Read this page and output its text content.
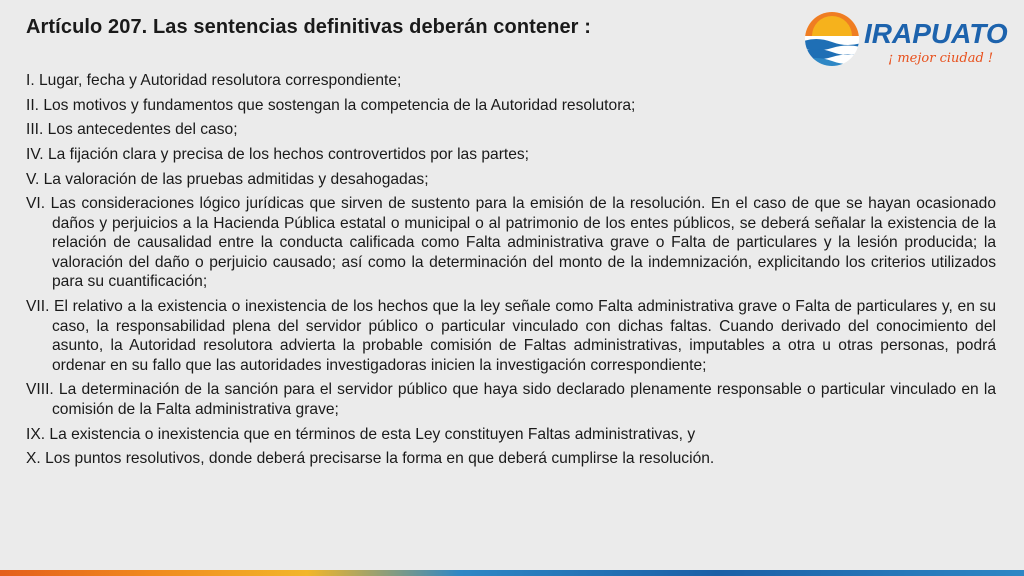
Artículo 207. Las sentencias definitivas deberán contener :	IRAPUATO
¡ mejor ciudad !
I. Lugar, fecha y Autoridad resolutora correspondiente;
II. Los motivos y fundamentos que sostengan la competencia de la Autoridad resolutora;
III. Los antecedentes del caso;
IV. La fijación clara y precisa de los hechos controvertidos por las partes;
V. La valoración de las pruebas admitidas y desahogadas;
VI. Las consideraciones lógico jurídicas que sirven de sustento para la emisión de la resolución. En el caso de que se hayan ocasionado daños y perjuicios a la Hacienda Pública estatal o municipal o al patrimonio de los entes públicos, se deberá señalar la existencia de la relación de causalidad entre la conducta calificada como Falta administrativa grave o Falta de particulares y la lesión producida; la valoración del daño o perjuicio causado; así como la determinación del monto de la indemnización, explicitando los criterios utilizados para su cuantificación;
VII. El relativo a la existencia o inexistencia de los hechos que la ley señale como Falta administrativa grave o Falta de particulares y, en su caso, la responsabilidad plena del servidor público o particular vinculado con dichas faltas. Cuando derivado del conocimiento del asunto, la Autoridad resolutora advierta la probable comisión de Faltas administrativas, imputables a otra u otras personas, podrá ordenar en su fallo que las autoridades investigadoras inicien la investigación correspondiente;
VIII. La determinación de la sanción para el servidor público que haya sido declarado plenamente responsable o particular vinculado en la comisión de la Falta administrativa grave;
IX. La existencia o inexistencia que en términos de esta Ley constituyen Faltas administrativas, y
X. Los puntos resolutivos, donde deberá precisarse la forma en que deberá cumplirse la resolución.
